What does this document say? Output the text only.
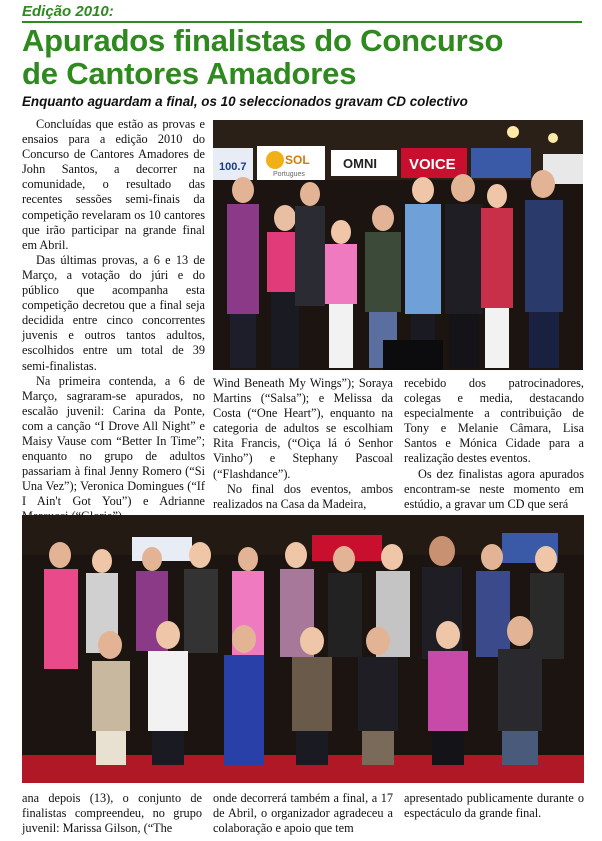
Edição 2010:
Apurados finalistas do Concurso
de Cantores Amadores
Enquanto aguardam a final, os 10 seleccionados gravam CD colectivo

Concluídas que estão as provas e ensaios para a edição 2010 do Concurso de Cantores Amadores de John Santos, a decorrer na comunidade, o resultado das recentes sessões semi-finais da competição revelaram os 10 cantores que irão participar na grande final em Abril.

Das últimas provas, a 6 e 13 de Março, a votação do júri e do público que acompanha esta competição decretou que a final seja decidida entre cinco concorrentes juvenis e outros tantos adultos, escolhidos entre um total de 39 semi-finalistas.

Na primeira contenda, a 6 de Março, sagraram-se apurados, no escalão juvenil: Carina da Ponte, com a canção “I Drove All Night” e Maisy Vause com “Better In Time”; enquanto no grupo de adultos passariam à final Jenny Romero (“Si Una Vez”); Veronica Domingues (“If I Ain't Got You”) e Adrianne

100.7	SOL
Portugues
OMNI VOICE

Wind Beneath My Wings”); Soraya Martins (“Salsa”); e Melissa da Costa (“One Heart”), enquanto na categoria de adultos se escolhiam Rita Francis, (“Oiça lá ó Senhor Vinho”) e Stephany Pascoal (“Flashdance”).

No final dos eventos, ambos realizados na Casa da Madeira,

recebido dos patrocinadores, colegas e media, destacando especialmente a contribuição de Tony e Melanie Câmara, Lisa Santos e Mónica Cidade para a realização destes eventos.

Os dez finalistas agora apurados encontram-se neste momento em estúdio, a gravar um CD que será

ana depois (13), o conjunto de finalistas compreendeu, no grupo juvenil: Marissa Gilson, (“The

onde decorrerá também a final, a 17 de Abril, o organizador agradeceu a colaboração e apoio que tem

apresentado publicamente durante o espectáculo da grande final.
